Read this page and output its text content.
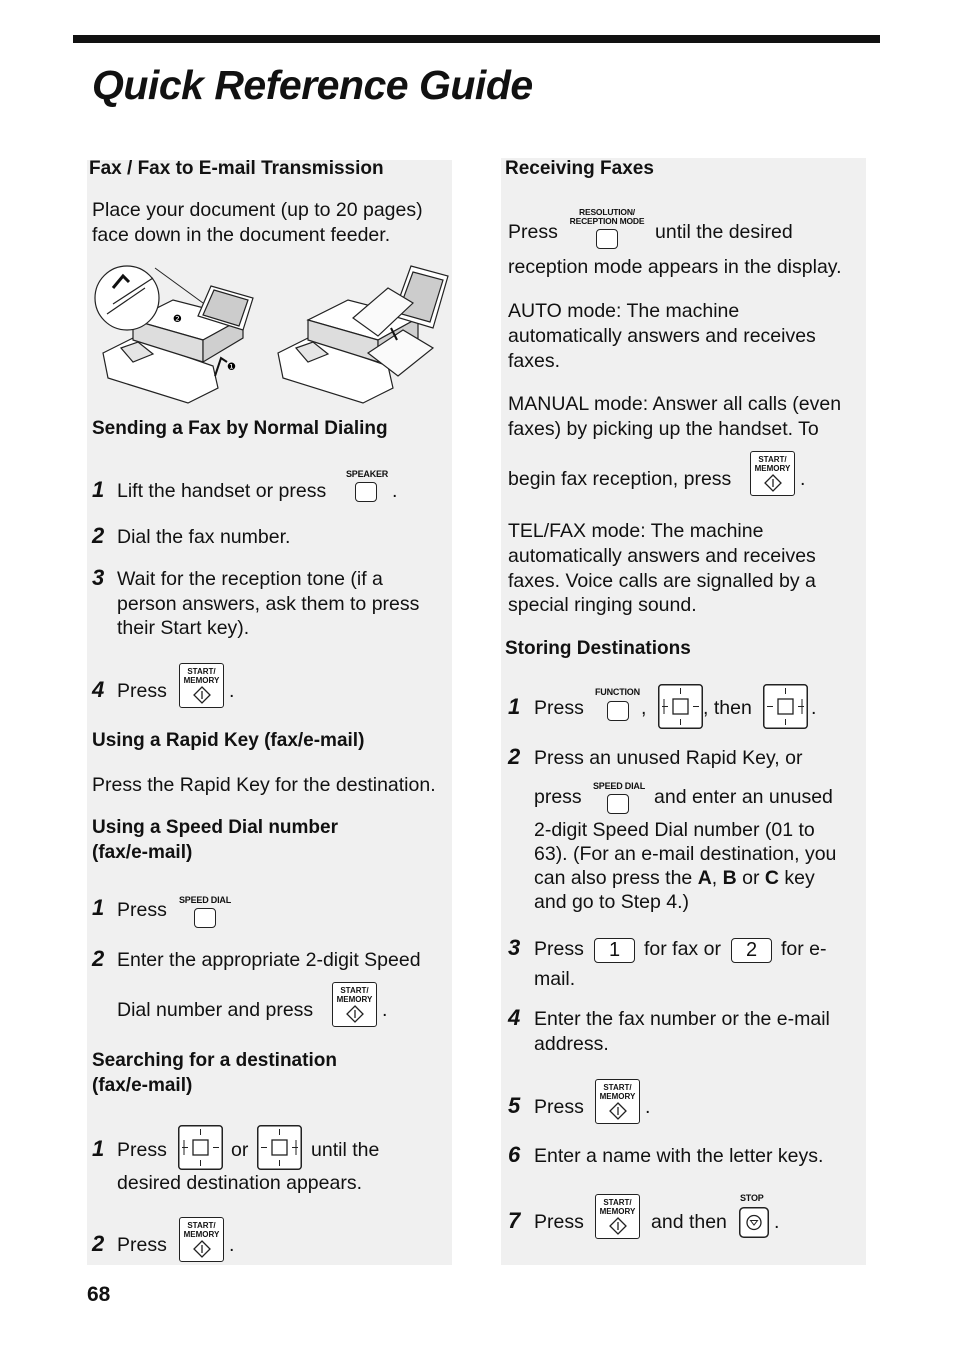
Quick Reference Guide
Fax / Fax to E-mail Transmission
Place your document (up to 20 pages)
face down in the document feeder.
❷
❶
Sending a Fax by Normal Dialing
1 Lift the handset or press
SPEAKER
.
2 Dial the fax number.
3 Wait for the reception tone (if a
person answers, ask them to press
their Start key).
4 Press
START/
MEMORY .
Using a Rapid Key (fax/e-mail)
Press the Rapid Key for the destination.
Using a Speed Dial number
(fax/e-mail)
1 Press SPEED DIAL
2 Enter the appropriate 2-digit Speed
Dial number and press
START/
MEMORY .
Searching for a destination
(fax/e-mail)
1 Press	or	until the
desired destination appears.
2 Press
START/
MEMORY .
Receiving Faxes
Press
RESOLUTION/
RECEPTION MODE until the desired
reception mode appears in the display.
AUTO mode: The machine
automatically answers and receives
faxes.
MANUAL mode: Answer all calls (even
faxes) by picking up the handset. To
begin fax reception, press
START/
MEMORY .
TEL/FAX mode: The machine
automatically answers and receives
faxes. Voice calls are signalled by a
special ringing sound.
Storing Destinations
1 Press
FUNCTION
,	, then	.
2 Press an unused Rapid Key, or
press SPEED DIAL and enter an unused
2-digit Speed Dial number (01 to
63). (For an e-mail destination, you
can also press the A, B or C key
and go to Step 4.)
3 Press	1	for fax or	2	for e-
mail.
4 Enter the fax number or the e-mail
address.
5 Press
START/
MEMORY .
6 Enter a name with the letter keys.
7 Press
START/
MEMORY and then
STOP
.
68
